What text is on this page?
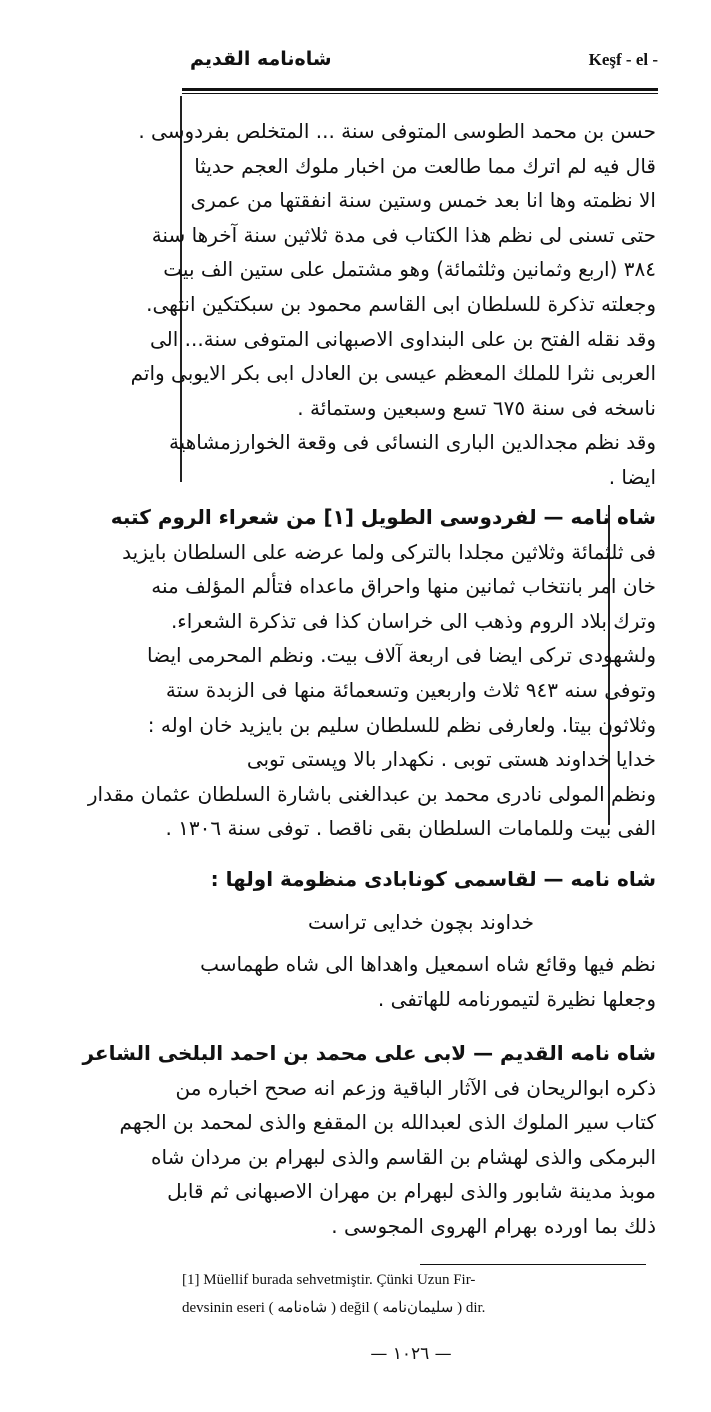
شاه‌نامه القديم	Keşf - el -
حسن بن محمد الطوسى المتوفى سنة ... المتخلص بفردوسى .
قال فيه لم اترك مما طالعت من اخبار ملوك العجم حديثا
الا نظمته وها انا بعد خمس وستين سنة انفقتها من عمرى
حتى تسنى لى نظم هذا الكتاب فى مدة ثلاثين سنة آخرها سنة
٣٨٤ (اربع وثمانين وثلثمائة) وهو مشتمل على ستين الف بيت
وجعلته تذكرة للسلطان ابى القاسم محمود بن سبكتكين انتهى.
وقد نقله الفتح بن على البنداوى الاصبهانى المتوفى سنة... الى
العربى نثرا للملك المعظم عيسى بن العادل ابى بكر الايوبى واتم
ناسخه فى سنة ٦٧٥ تسع وسبعين وستمائة .
وقد نظم مجدالدين البارى النسائى فى وقعة الخوارزمشاهية
ايضا .
شاه نامه — لفردوسى الطويل [١] من شعراء الروم كتبه
فى ثلثمائة وثلاثين مجلدا بالتركى ولما عرضه على السلطان بايزيد
خان امر بانتخاب ثمانين منها واحراق ماعداه فتألم المؤلف منه
وترك بلاد الروم وذهب الى خراسان كذا فى تذكرة الشعراء.
ولشهودى تركى ايضا فى اربعة آلاف بيت. ونظم المحرمى ايضا
وتوفى سنه ٩٤٣ ثلاث واربعين وتسعمائة منها فى الزبدة ستة
وثلاثون بيتا. ولعارفى نظم للسلطان سليم بن بايزيد خان اوله :
خدايا خداوند هستى توبى . نكهدار بالا وپستى توبى
ونظم المولى نادرى محمد بن عبدالغنى باشارة السلطان عثمان مقدار
الفى بيت وللمامات السلطان بقى ناقصا . توفى سنة ١٣٠٦ .
شاه نامه — لقاسمى كونابادى منظومة اولها :
خداوند بچون خدايى تراست
نظم فيها وقائع شاه اسمعيل واهداها الى شاه طهماسب
وجعلها نظيرة لتيمورنامه للهاتفى .
شاه نامه القديم — لابى على محمد بن احمد البلخى الشاعر
ذكره ابوالريحان فى الآثار الباقية وزعم انه صحح اخباره من
كتاب سير الملوك الذى لعبدالله بن المقفع والذى لمحمد بن الجهم
البرمكى والذى لهشام بن القاسم والذى لبهرام بن مردان شاه
موبذ مدينة شابور والذى لبهرام بن مهران الاصبهانى ثم قابل
ذلك بما اورده بهرام الهروى المجوسى .
[1] Müellif burada sehvetmiştir. Çünki Uzun Fir-
devsinin eseri ( شاه‌نامه ) değil ( سليمان‌نامه ) dir.
— ١٠٢٦ —
